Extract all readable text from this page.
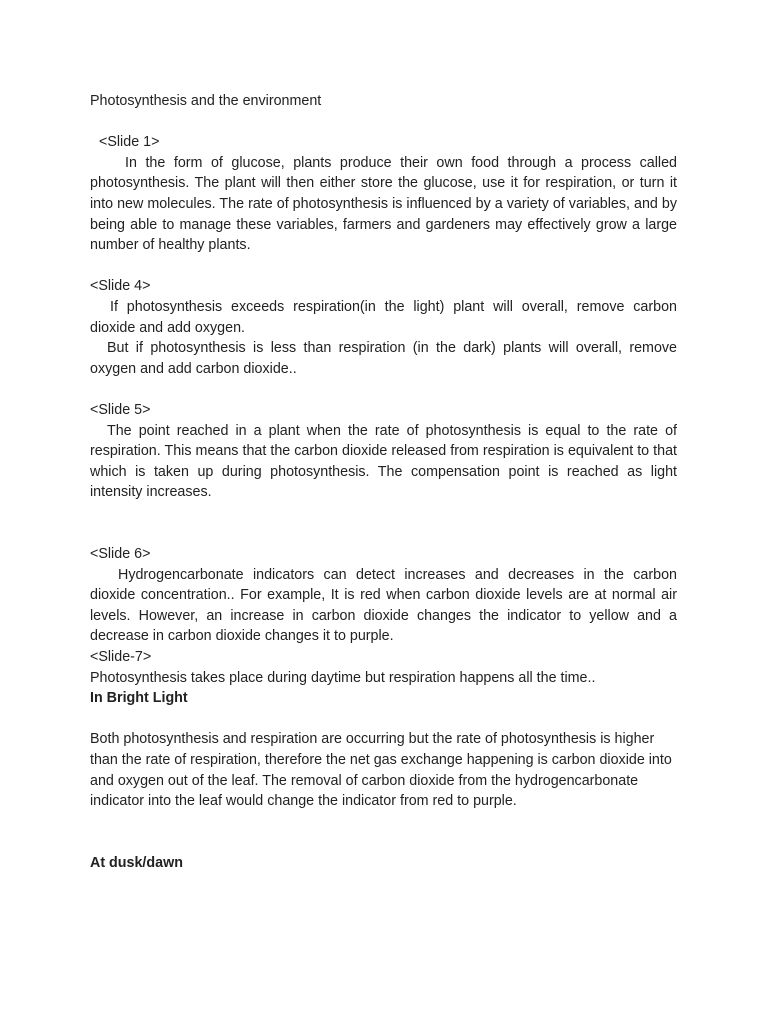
Photosynthesis and the environment

<Slide 1>

In the form of glucose, plants produce their own food through a process called photosynthesis. The plant will then either store the glucose, use it for respiration, or turn it into new molecules. The rate of photosynthesis is influenced by a variety of variables, and by being able to manage these variables, farmers and gardeners may effectively grow a large number of healthy plants.

<Slide 4>

If photosynthesis exceeds respiration(in the light) plant will overall, remove carbon dioxide and add oxygen.

But if photosynthesis is less than respiration (in the dark) plants will overall, remove oxygen and add carbon dioxide..

<Slide 5>

The point reached in a plant when the rate of photosynthesis is equal to the rate of respiration. This means that the carbon dioxide released from respiration is equivalent to that which is taken up during photosynthesis. The compensation point is reached as light intensity increases.

<Slide 6>

Hydrogencarbonate indicators can detect increases and decreases in the carbon dioxide concentration.. For example, It is red when carbon dioxide levels are at normal air levels. However, an increase in carbon dioxide changes the indicator to yellow and a decrease in carbon dioxide changes it to purple.

<Slide-7>

Photosynthesis takes place during daytime but respiration happens all the time..

In Bright Light

Both photosynthesis and respiration are occurring but the rate of photosynthesis is higher than the rate of respiration, therefore the net gas exchange happening is carbon dioxide into and oxygen out of the leaf. The removal of carbon dioxide from the hydrogencarbonate indicator into the leaf would change the indicator from red to purple.

At dusk/dawn
